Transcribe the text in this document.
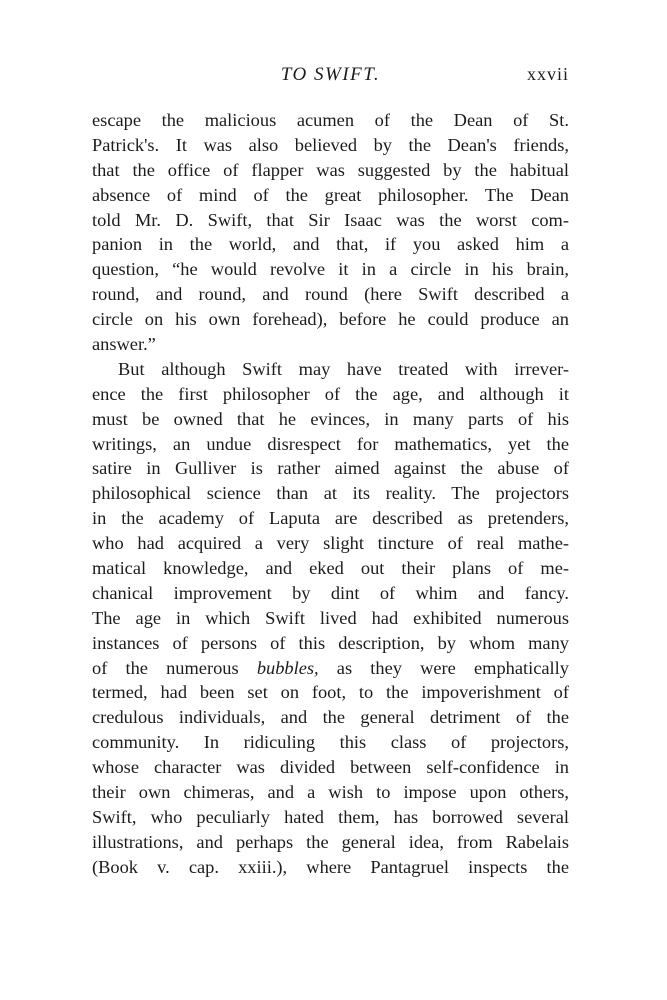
TO SWIFT.	xxvii
escape the malicious acumen of the Dean of St.
Patrick's. It was also believed by the Dean's friends,
that the office of flapper was suggested by the habitual
absence of mind of the great philosopher. The Dean
told Mr. D. Swift, that Sir Isaac was the worst com-
panion in the world, and that, if you asked him a
question, “he would revolve it in a circle in his brain,
round, and round, and round (here Swift described a
circle on his own forehead), before he could produce an
answer.”
But although Swift may have treated with irrever-
ence the first philosopher of the age, and although it
must be owned that he evinces, in many parts of his
writings, an undue disrespect for mathematics, yet the
satire in Gulliver is rather aimed against the abuse of
philosophical science than at its reality. The projectors
in the academy of Laputa are described as pretenders,
who had acquired a very slight tincture of real mathe-
matical knowledge, and eked out their plans of me-
chanical improvement by dint of whim and fancy.
The age in which Swift lived had exhibited numerous
instances of persons of this description, by whom many
of the numerous bubbles, as they were emphatically
termed, had been set on foot, to the impoverishment of
credulous individuals, and the general detriment of the
community. In ridiculing this class of projectors,
whose character was divided between self-confidence in
their own chimeras, and a wish to impose upon others,
Swift, who peculiarly hated them, has borrowed several
illustrations, and perhaps the general idea, from Rabelais
(Book v. cap. xxiii.), where Pantagruel inspects the
